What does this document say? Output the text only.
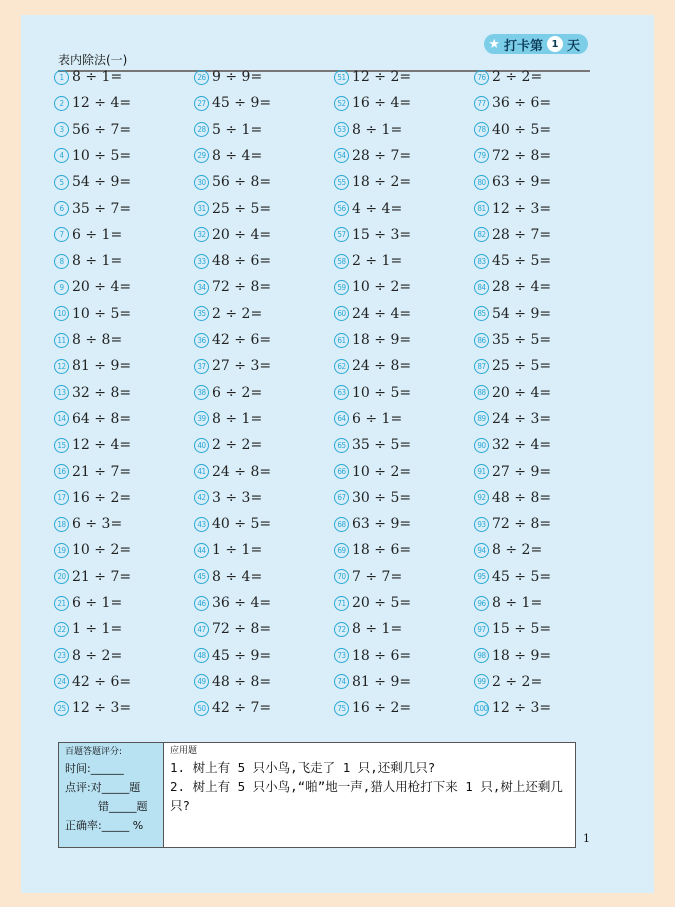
表内除法(一)
★ 打卡第 1 天
1 8 ÷ 1=
2 12 ÷ 4=
3 56 ÷ 7=
4 10 ÷ 5=
5 54 ÷ 9=
6 35 ÷ 7=
7 6 ÷ 1=
8 8 ÷ 1=
9 20 ÷ 4=
10 10 ÷ 5=
11 8 ÷ 8=
12 81 ÷ 9=
13 32 ÷ 8=
14 64 ÷ 8=
15 12 ÷ 4=
16 21 ÷ 7=
17 16 ÷ 2=
18 6 ÷ 3=
19 10 ÷ 2=
20 21 ÷ 7=
21 6 ÷ 1=
22 1 ÷ 1=
23 8 ÷ 2=
24 42 ÷ 6=
25 12 ÷ 3=
26 9 ÷ 9=
27 45 ÷ 9=
28 5 ÷ 1=
29 8 ÷ 4=
30 56 ÷ 8=
31 25 ÷ 5=
32 20 ÷ 4=
33 48 ÷ 6=
34 72 ÷ 8=
35 2 ÷ 2=
36 42 ÷ 6=
37 27 ÷ 3=
38 6 ÷ 2=
39 8 ÷ 1=
40 2 ÷ 2=
41 24 ÷ 8=
42 3 ÷ 3=
43 40 ÷ 5=
44 1 ÷ 1=
45 8 ÷ 4=
46 36 ÷ 4=
47 72 ÷ 8=
48 45 ÷ 9=
49 48 ÷ 8=
50 42 ÷ 7=
51 12 ÷ 2=
52 16 ÷ 4=
53 8 ÷ 1=
54 28 ÷ 7=
55 18 ÷ 2=
56 4 ÷ 4=
57 15 ÷ 3=
58 2 ÷ 1=
59 10 ÷ 2=
60 24 ÷ 4=
61 18 ÷ 9=
62 24 ÷ 8=
63 10 ÷ 5=
64 6 ÷ 1=
65 35 ÷ 5=
66 10 ÷ 2=
67 30 ÷ 5=
68 63 ÷ 9=
69 18 ÷ 6=
70 7 ÷ 7=
71 20 ÷ 5=
72 8 ÷ 1=
73 18 ÷ 6=
74 81 ÷ 9=
75 16 ÷ 2=
76 2 ÷ 2=
77 36 ÷ 6=
78 40 ÷ 5=
79 72 ÷ 8=
80 63 ÷ 9=
81 12 ÷ 3=
82 28 ÷ 7=
83 45 ÷ 5=
84 28 ÷ 4=
85 54 ÷ 9=
86 35 ÷ 5=
87 25 ÷ 5=
88 20 ÷ 4=
89 24 ÷ 3=
90 32 ÷ 4=
91 27 ÷ 9=
92 48 ÷ 8=
93 72 ÷ 8=
94 8 ÷ 2=
95 45 ÷ 5=
96 8 ÷ 1=
97 15 ÷ 5=
98 18 ÷ 9=
99 2 ÷ 2=
100 12 ÷ 3=
百题答题评分:
时间:______
点评:对_____题
错_____题
正确率:_____ %
应用题
1. 树上有 5 只小鸟,飞走了 1 只,还剩几只?
2. 树上有 5 只小鸟,“啪”地一声,猎人用枪打下来 1 只,树上还剩几只?
1
